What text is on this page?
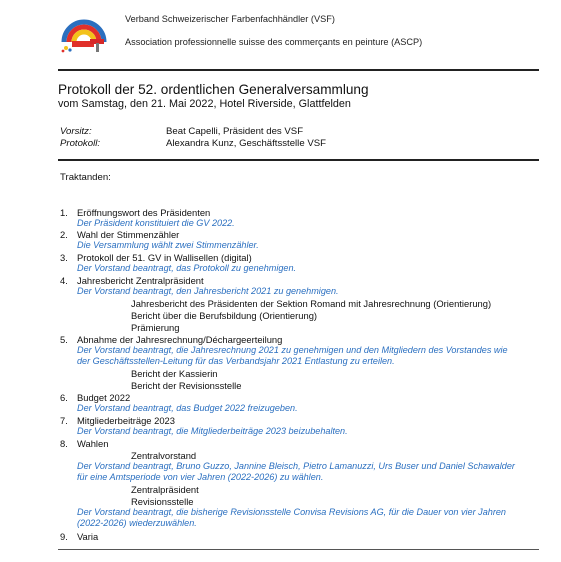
Verband Schweizerischer Farbenfachhändler (VSF)
Association professionnelle suisse des commerçants en peinture (ASCP)
Protokoll der 52. ordentlichen Generalversammlung
vom Samstag, den 21. Mai 2022, Hotel Riverside, Glattfelden
Vorsitz:	Beat Capelli, Präsident des VSF
Protokoll:	Alexandra Kunz, Geschäftsstelle VSF
Traktanden:
1. Eröffnungswort des Präsidenten
Der Präsident konstituiert die GV 2022.
2. Wahl der Stimmenzähler
Die Versammlung wählt zwei Stimmenzähler.
3. Protokoll der 51. GV in Wallisellen (digital)
Der Vorstand beantragt, das Protokoll zu genehmigen.
4. Jahresbericht Zentralpräsident
Der Vorstand beantragt, den Jahresbericht 2021 zu genehmigen.
Jahresbericht des Präsidenten der Sektion Romand mit Jahresrechnung (Orientierung)
Bericht über die Berufsbildung (Orientierung)
Prämierung
5. Abnahme der Jahresrechnung/Déchargeerteilung
Der Vorstand beantragt, die Jahresrechnung 2021 zu genehmigen und den Mitgliedern des Vorstandes wie
der Geschäftsstellen-Leitung für das Verbandsjahr 2021 Entlastung zu erteilen.
Bericht der Kassierin
Bericht der Revisionsstelle
6. Budget 2022
Der Vorstand beantragt, das Budget 2022 freizugeben.
7. Mitgliederbeiträge 2023
Der Vorstand beantragt, die Mitgliederbeiträge 2023 beizubehalten.
8. Wahlen
Zentralvorstand
Der Vorstand beantragt, Bruno Guzzo, Jannine Bleisch, Pietro Lamanuzzi, Urs Buser und Daniel Schawalder
für eine Amtsperiode von vier Jahren (2022-2026) zu wählen.
Zentralpräsident
Revisionsstelle
Der Vorstand beantragt, die bisherige Revisionsstelle Convisa Revisions AG, für die Dauer von vier Jahren
(2022-2026) wiederzuwählen.
9. Varia
